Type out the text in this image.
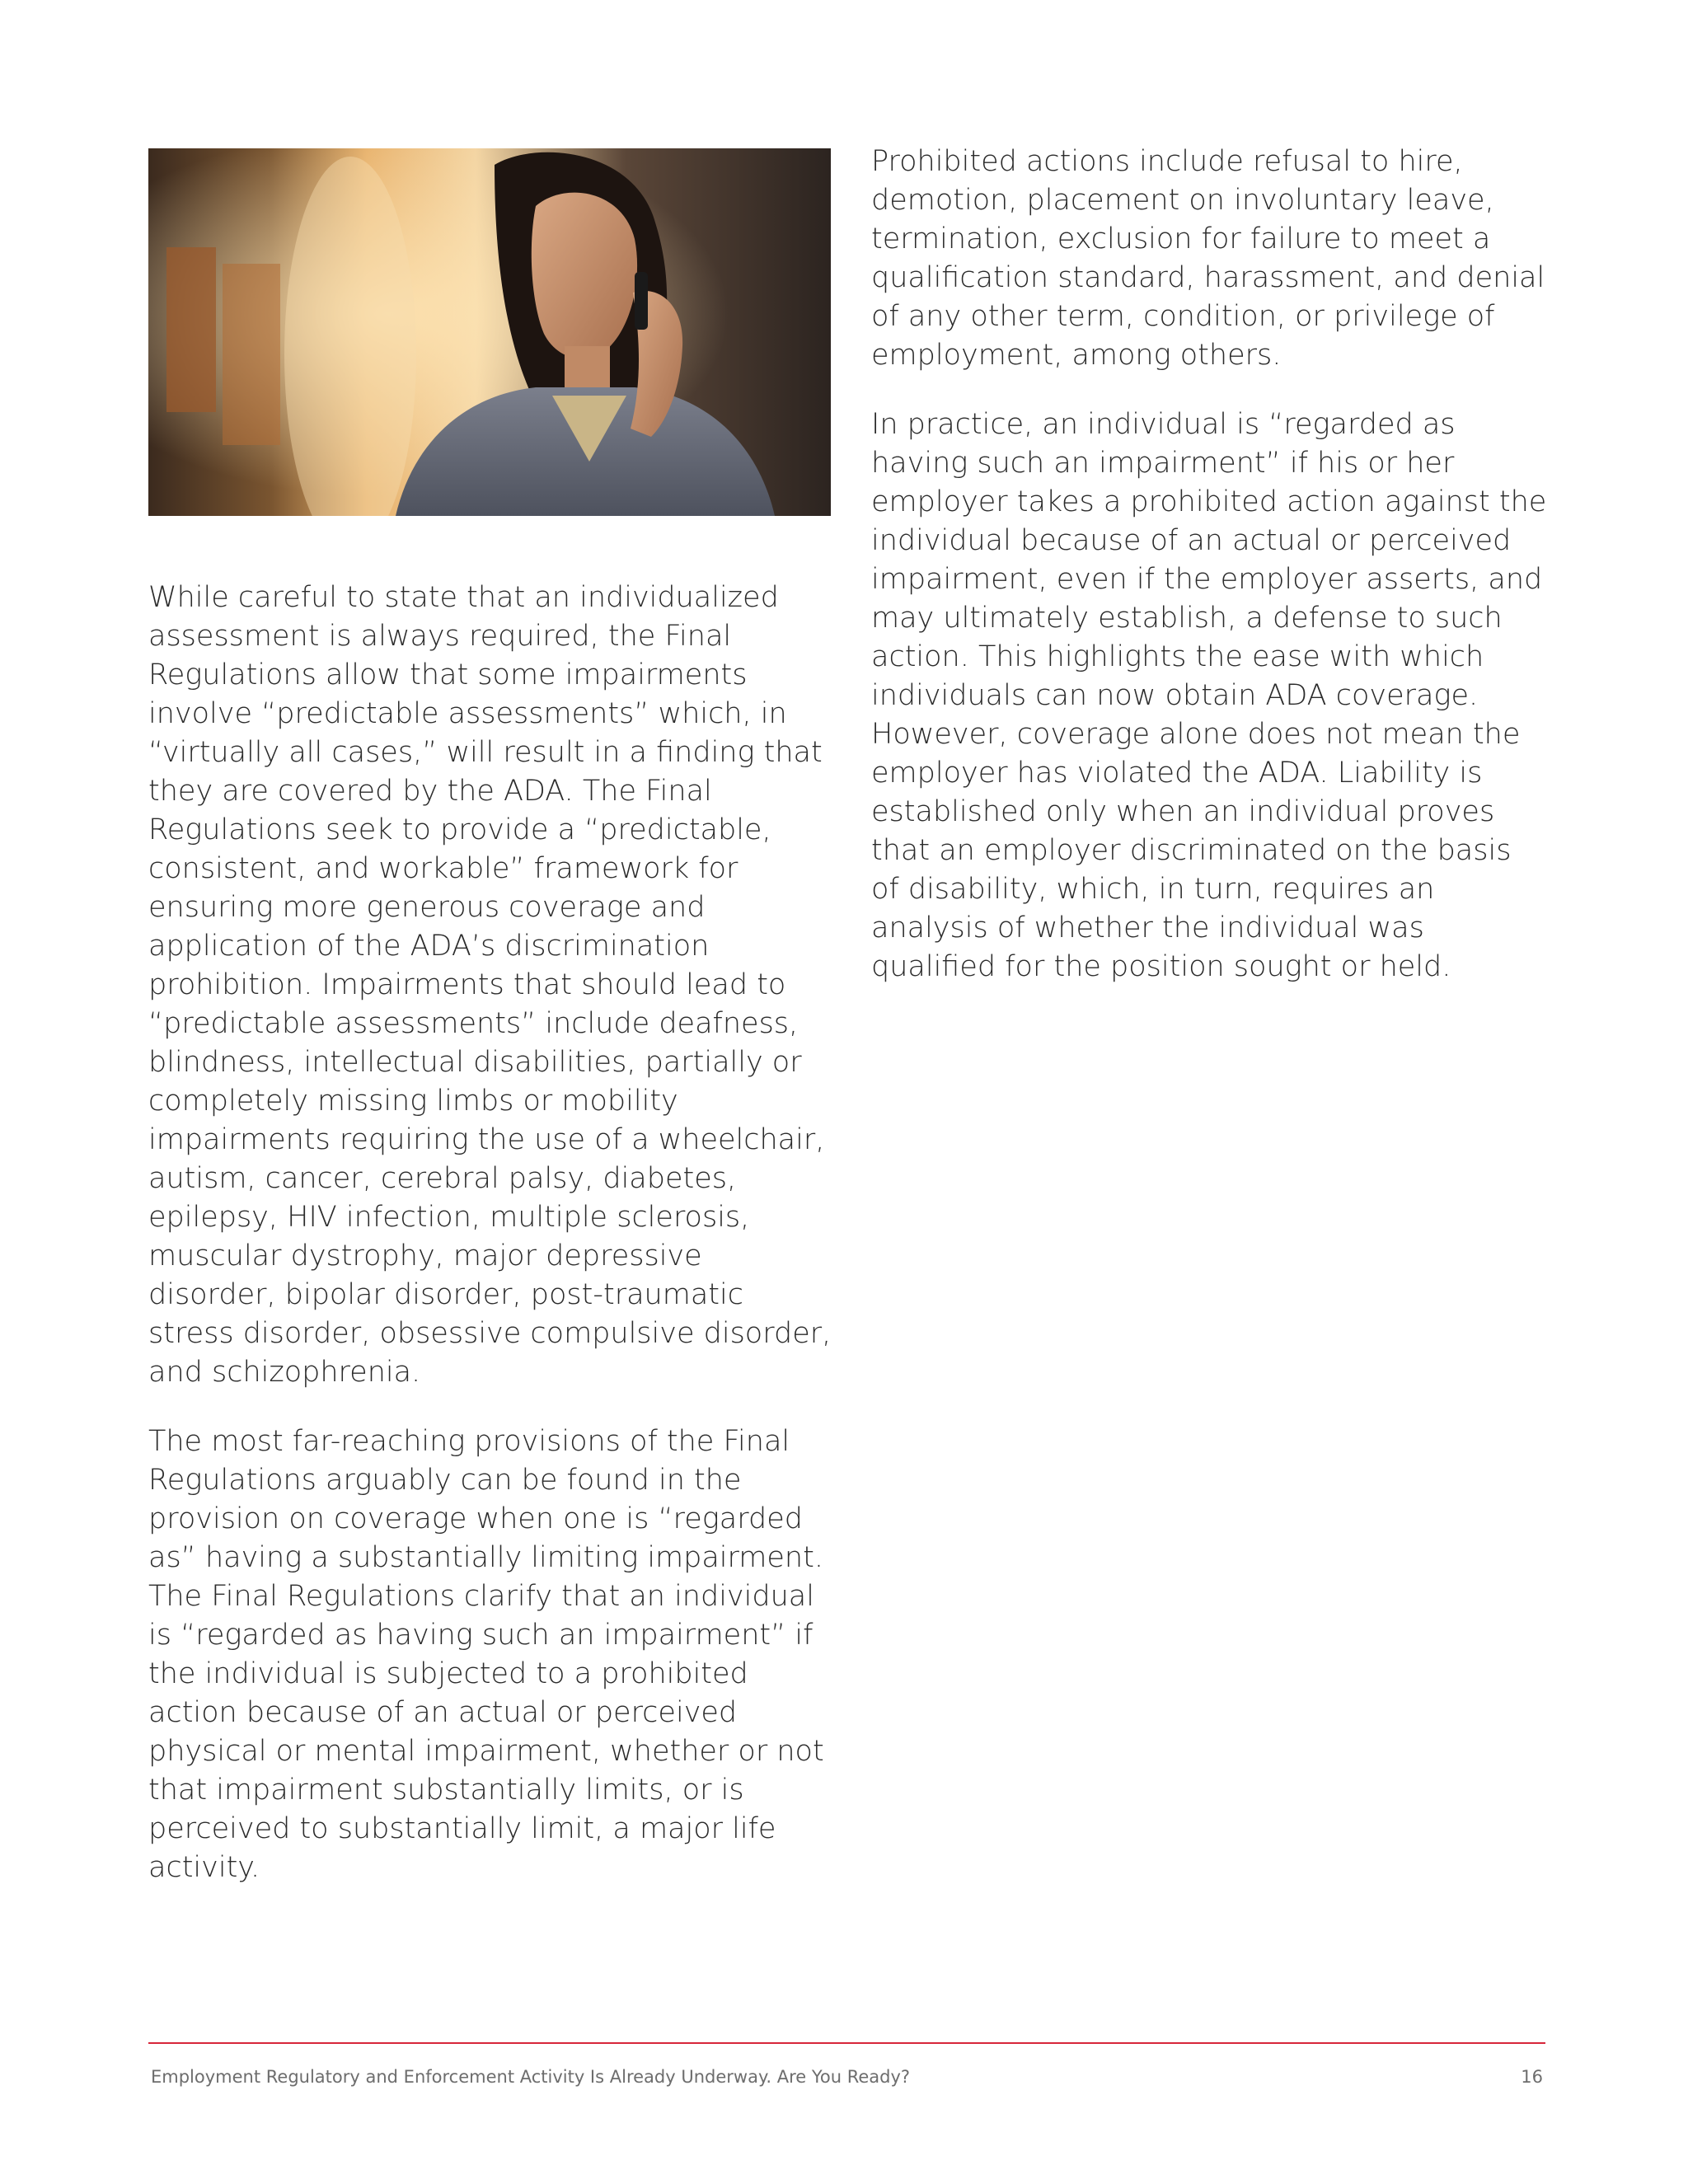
While careful to state that an individualized assessment is always required, the Final Regulations allow that some impairments involve “predictable assessments” which, in “virtually all cases,” will result in a finding that they are covered by the ADA. The Final Regulations seek to provide a “predictable, consistent, and workable” framework for ensuring more generous coverage and application of the ADA’s discrimination prohibition. Impairments that should lead to “predictable assessments” include deafness, blindness, intellectual disabilities, partially or completely missing limbs or mobility impairments requiring the use of a wheelchair, autism, cancer, cerebral palsy, diabetes, epilepsy, HIV infection, multiple sclerosis, muscular dystrophy, major depressive disorder, bipolar disorder, post-traumatic stress disorder, obsessive compulsive disorder, and schizophrenia.

The most far-reaching provisions of the Final Regulations arguably can be found in the provision on coverage when one is “regarded as” having a substantially limiting impairment. The Final Regulations clarify that an individual is “regarded as having such an impairment” if the individual is subjected to a prohibited action because of an actual or perceived physical or mental impairment, whether or not that impairment substantially limits, or is perceived to substantially limit, a major life activity.

Prohibited actions include refusal to hire, demotion, placement on involuntary leave, termination, exclusion for failure to meet a qualification standard, harassment, and denial of any other term, condition, or privilege of employment, among others.

In practice, an individual is “regarded as having such an impairment” if his or her employer takes a prohibited action against the individual because of an actual or perceived impairment, even if the employer asserts, and may ultimately establish, a defense to such action. This highlights the ease with which individuals can now obtain ADA coverage. However, coverage alone does not mean the employer has violated the ADA. Liability is established only when an individual proves that an employer discriminated on the basis of disability, which, in turn, requires an analysis of whether the individual was qualified for the position sought or held.

Employment Regulatory and Enforcement Activity Is Already Underway. Are You Ready?	16
